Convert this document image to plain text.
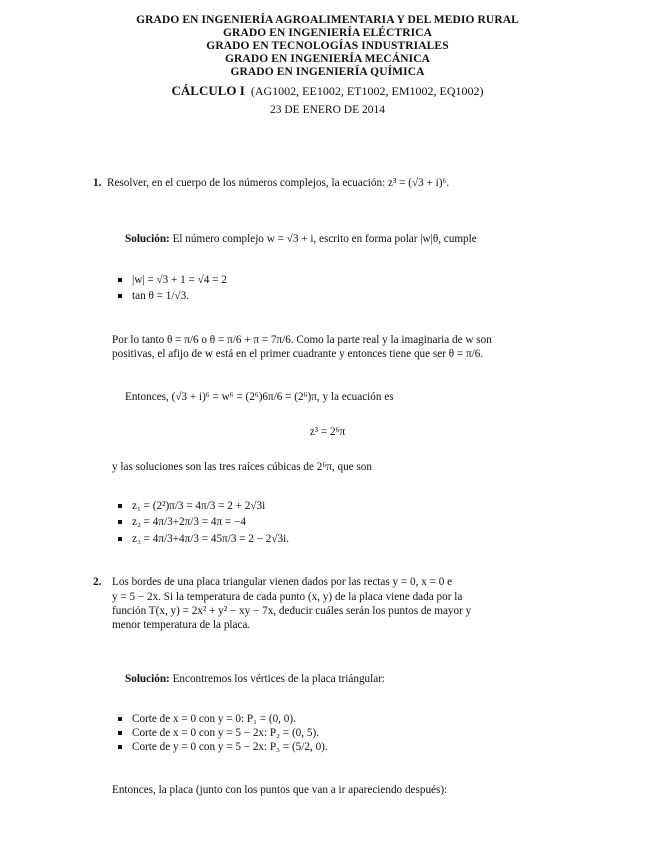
GRADO EN INGENIERÍA AGROALIMENTARIA Y DEL MEDIO RURAL
GRADO EN INGENIERÍA ELÉCTRICA
GRADO EN TECNOLOGÍAS INDUSTRIALES
GRADO EN INGENIERÍA MECÁNICA
GRADO EN INGENIERÍA QUÍMICA
CÁLCULO I (AG1002, EE1002, ET1002, EM1002, EQ1002)
23 DE ENERO DE 2014
1. Resolver, en el cuerpo de los números complejos, la ecuación: z³ = (√3 + i)⁶.
Solución: El número complejo w = √3 + i, escrito en forma polar |w|θ, cumple
|w| = √3 + 1 = √4 = 2
tan θ = 1/√3.
Por lo tanto θ = π/6 o θ = π/6 + π = 7π/6. Como la parte real y la imaginaria de w son
positivas, el afijo de w está en el primer cuadrante y entonces tiene que ser θ = π/6.
Entonces, (√3 + i)⁶ = w⁶ = (2⁶)6π/6 = (2⁶)π, y la ecuación es
z³ = 2⁶π
y las soluciones son las tres raíces cúbicas de 2⁶π, que son
z₁ = (2²)π/3 = 4π/3 = 2 + 2√3i
z₂ = 4π/3+2π/3 = 4π = −4
z₃ = 4π/3+4π/3 = 45π/3 = 2 − 2√3i.
2. Los bordes de una placa triangular vienen dados por las rectas y = 0, x = 0 e
y = 5 − 2x. Si la temperatura de cada punto (x, y) de la placa viene dada por la
función T(x, y) = 2x² + y² − xy − 7x, deducir cuáles serán los puntos de mayor y
menor temperatura de la placa.
Solución: Encontremos los vértices de la placa triángular:
Corte de x = 0 con y = 0: P₁ = (0, 0).
Corte de x = 0 con y = 5 − 2x: P₂ = (0, 5).
Corte de y = 0 con y = 5 − 2x: P₃ = (5/2, 0).
Entonces, la placa (junto con los puntos que van a ir apareciendo después):
